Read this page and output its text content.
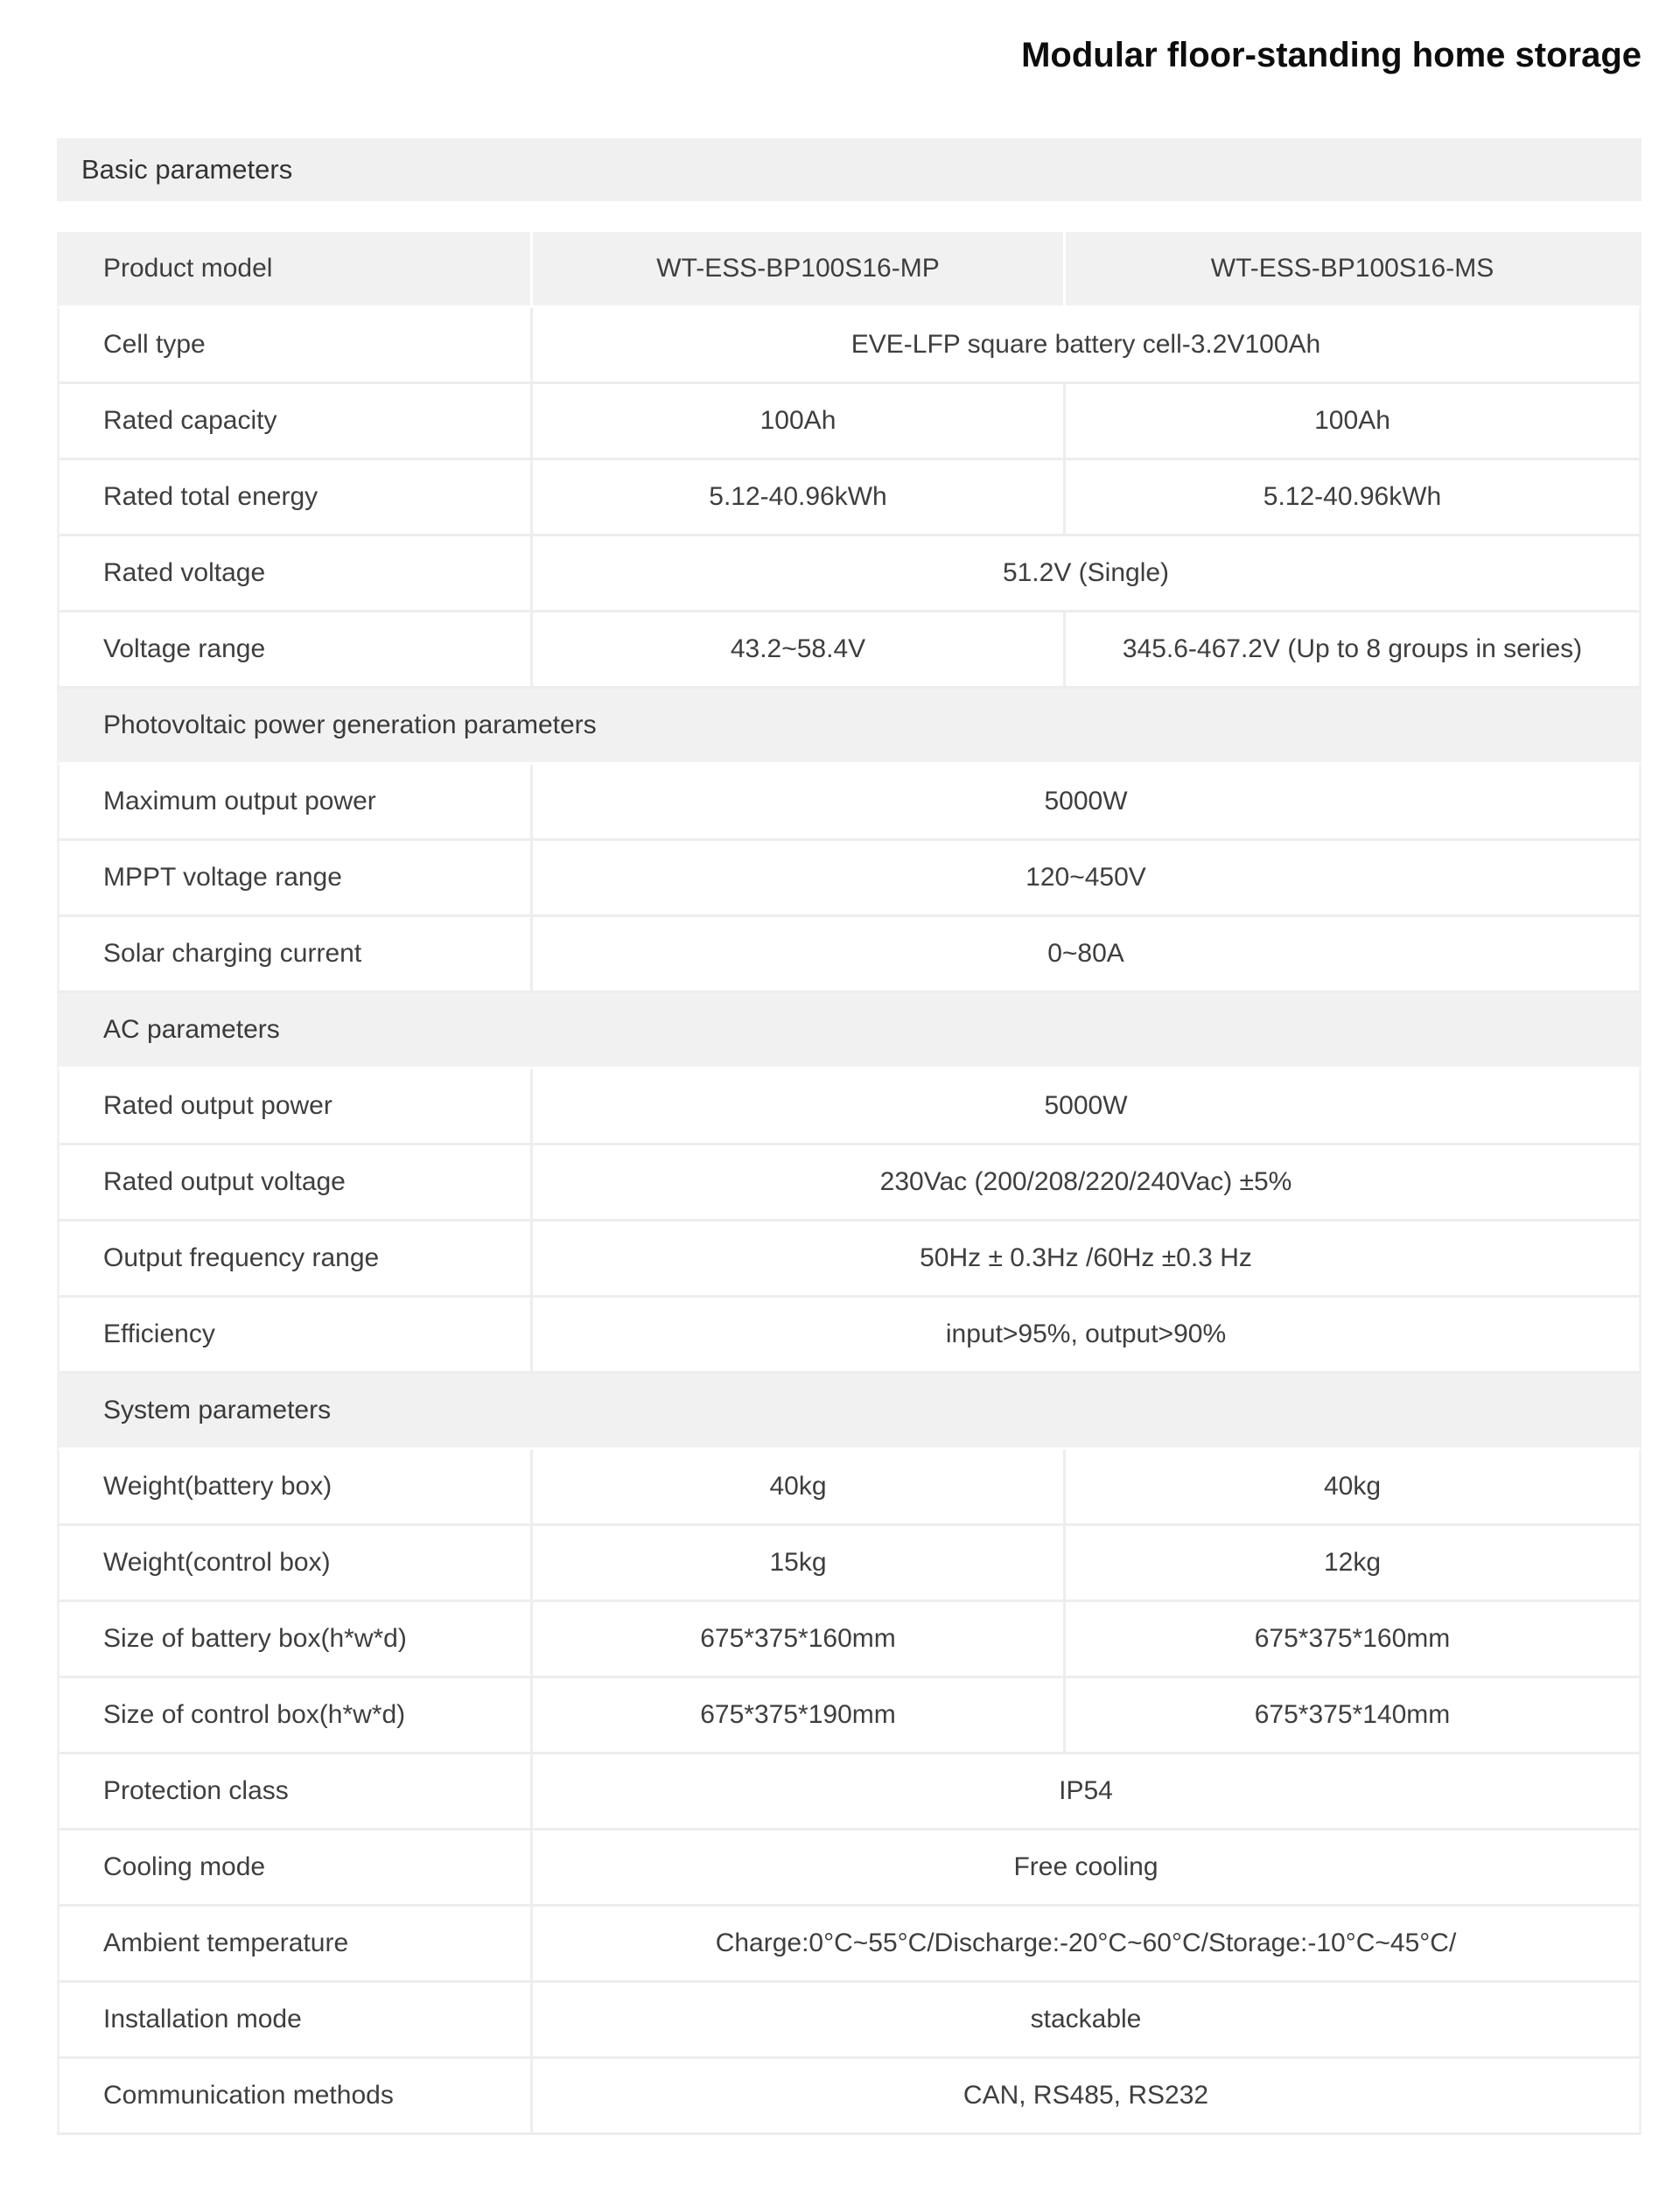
Modular floor-standing home storage
Basic parameters
Product model	WT-ESS-BP100S16-MP	WT-ESS-BP100S16-MS
Cell type	EVE-LFP square battery cell-3.2V100Ah	
Rated capacity	100Ah	100Ah
Rated total energy	5.12-40.96kWh	5.12-40.96kWh
Rated voltage	51.2V (Single)	
Voltage range	43.2~58.4V	345.6-467.2V (Up to 8 groups in series)
Photovoltaic power generation parameters		
Maximum output power	5000W	
MPPT voltage range	120~450V	
Solar charging current	0~80A	
AC parameters		
Rated output power	5000W	
Rated output voltage	230Vac (200/208/220/240Vac) ±5%	
Output frequency range	50Hz ± 0.3Hz /60Hz ±0.3 Hz	
Efficiency	input>95%, output>90%	
System parameters		
Weight(battery box)	40kg	40kg
Weight(control box)	15kg	12kg
Size of battery box(h*w*d)	675*375*160mm	675*375*160mm
Size of control box(h*w*d)	675*375*190mm	675*375*140mm
Protection class	IP54	
Cooling mode	Free cooling	
Ambient temperature	Charge:0°C~55°C/Discharge:-20°C~60°C/Storage:-10°C~45°C/	
Installation mode	stackable	
Communication methods	CAN, RS485, RS232	
